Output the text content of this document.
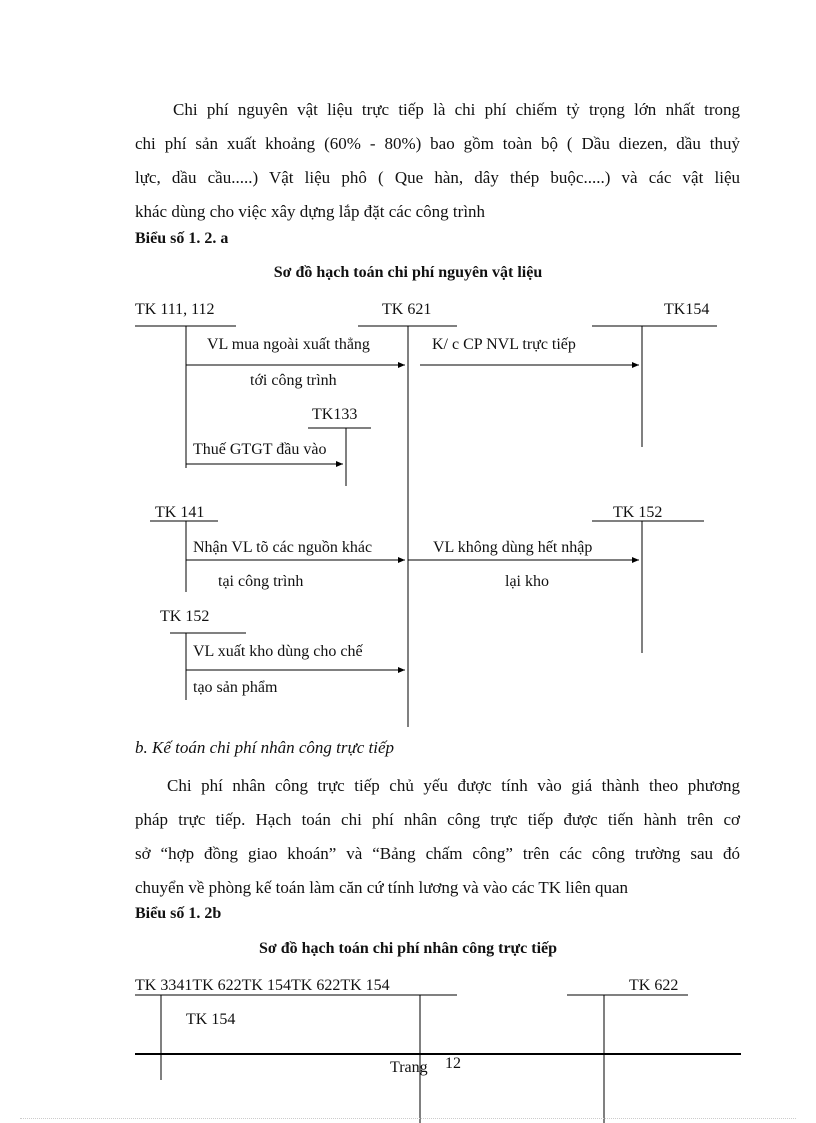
Chi phí nguyên vật liệu trực tiếp là chi phí chiếm tỷ trọng lớn nhất trong
chi phí sản xuất khoảng (60% - 80%) bao gồm toàn bộ ( Dầu diezen, dầu thuỷ
lực, dầu cầu.....) Vật liệu phô ( Que hàn, dây thép buộc.....) và các vật liệu
khác dùng cho việc xây dựng lắp đặt các công trình
Biểu số 1. 2. a
Sơ đồ hạch toán chi phí nguyên vật liệu
TK 111, 112	TK 621	TK154
VL mua ngoài xuất thẳng	K/ c CP NVL trực tiếp
tới công trình
TK133
Thuế GTGT đầu vào
TK 141	TK 152
Nhận VL tõ các nguồn khác	VL không dùng hết nhập
tại công trình	lại kho
TK 152
VL xuất kho dùng cho chế
tạo sản phẩm
b. Kế toán chi phí nhân công trực tiếp
Chi phí nhân công trực tiếp chủ yếu được tính vào giá thành theo phương
pháp trực tiếp. Hạch toán chi phí nhân công trực tiếp được tiến hành trên cơ
sở “hợp đồng giao khoán” và “Bảng chấm công” trên các công trường sau đó
chuyển về phòng kế toán làm căn cứ tính lương và vào các TK liên quan
Biểu số 1. 2b
Sơ đồ hạch toán chi phí nhân công trực tiếp
TK 3341TK 622TK 154TK 622TK 154	TK 622
TK 154
Trang 12
